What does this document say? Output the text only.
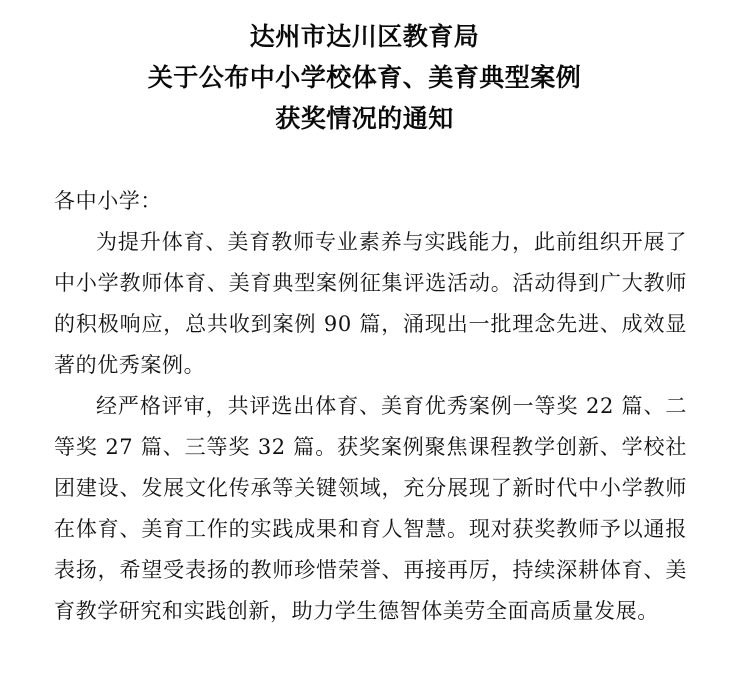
达州市达川区教育局
关于公布中小学校体育、美育典型案例
获奖情况的通知

各中小学：

为提升体育、美育教师专业素养与实践能力，此前组织开展了中小学教师体育、美育典型案例征集评选活动。活动得到广大教师的积极响应，总共收到案例 90 篇，涌现出一批理念先进、成效显著的优秀案例。

经严格评审，共评选出体育、美育优秀案例一等奖 22 篇、二等奖 27 篇、三等奖 32 篇。获奖案例聚焦课程教学创新、学校社团建设、发展文化传承等关键领域，充分展现了新时代中小学教师在体育、美育工作的实践成果和育人智慧。现对获奖教师予以通报表扬，希望受表扬的教师珍惜荣誉、再接再厉，持续深耕体育、美育教学研究和实践创新，助力学生德智体美劳全面高质量发展。
